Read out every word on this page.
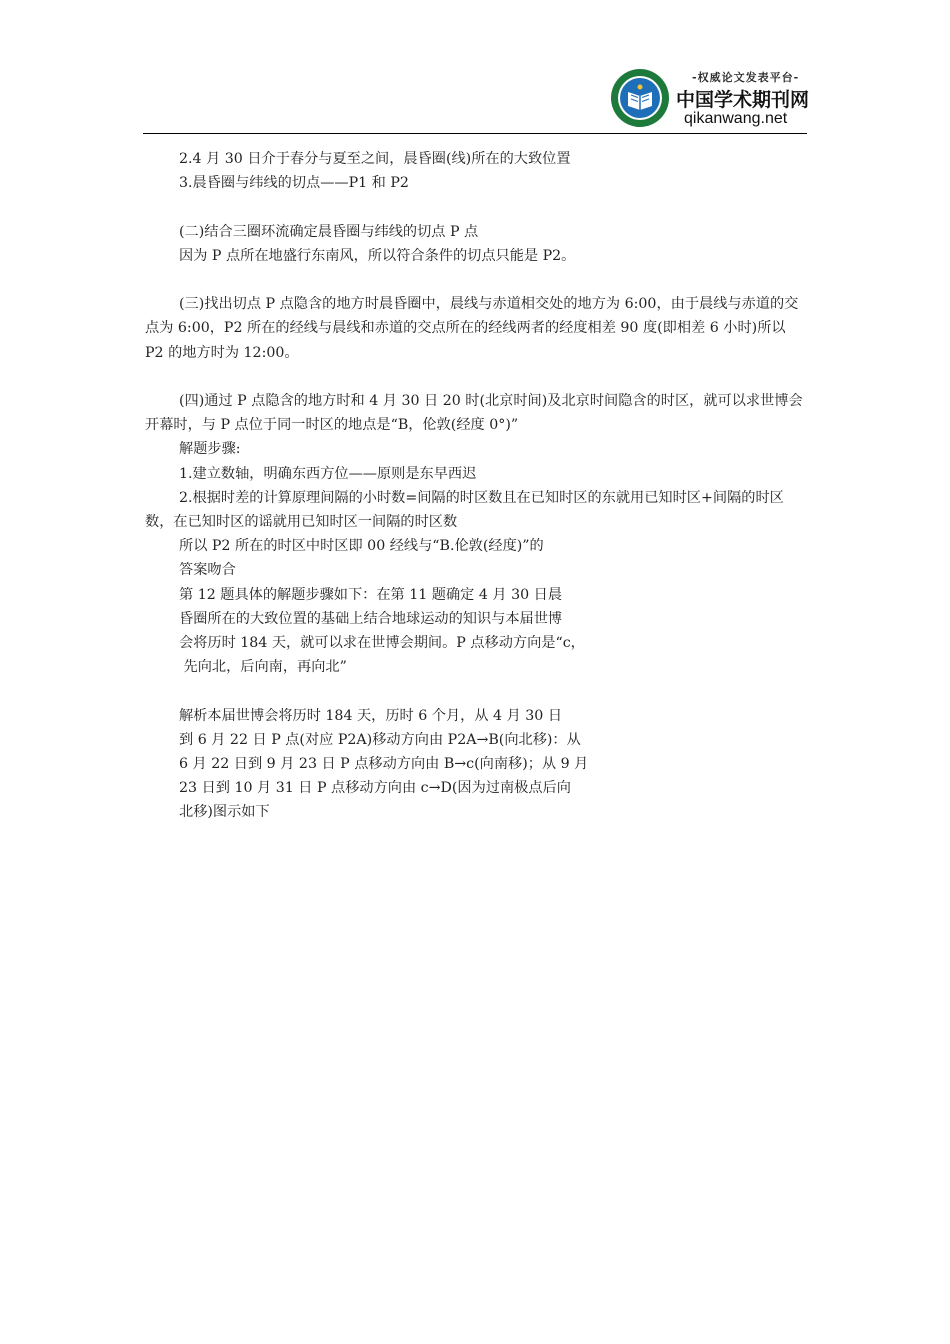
-权威论文发表平台-
中国学术期刊网
qikanwang.net

2.4 月 30 日介于春分与夏至之间，晨昏圈(线)所在的大致位置

3.晨昏圈与纬线的切点——P1 和 P2

(二)结合三圈环流确定晨昏圈与纬线的切点 P 点

因为 P 点所在地盛行东南风，所以符合条件的切点只能是 P2。

(三)找出切点 P 点隐含的地方时晨昏圈中，晨线与赤道相交处的地方为 6:00，由于晨线与赤道的交点为 6:00，P2 所在的经线与晨线和赤道的交点所在的经线两者的经度相差 90 度(即相差 6 小时)所以 P2 的地方时为 12:00。

(四)通过 P 点隐含的地方时和 4 月 30 日 20 时(北京时间)及北京时间隐含的时区，就可以求世博会开幕时，与 P 点位于同一时区的地点是“B，伦敦(经度 0°)”

解题步骤:

1.建立数轴，明确东西方位——原则是东早西迟

2.根据时差的计算原理间隔的小时数=间隔的时区数且在已知时区的东就用已知时区+间隔的时区数，在已知时区的谣就用已知时区一间隔的时区数

所以 P2 所在的时区中时区即 00 经线与“B.伦敦(经度)”的

答案吻合

第 12 题具体的解题步骤如下：在第 11 题确定 4 月 30 日晨

昏圈所在的大致位置的基础上结合地球运动的知识与本届世博

会将历时 184 天，就可以求在世博会期间。P 点移动方向是“c，

先向北，后向南，再向北”

解析本届世博会将历时 184 天，历时 6 个月，从 4 月 30 日

到 6 月 22 日 P 点(对应 P2A)移动方向由 P2A→B(向北移)：从

6 月 22 日到 9 月 23 日 P 点移动方向由 B→c(向南移)；从 9 月

23 日到 10 月 31 日 P 点移动方向由 c→D(因为过南极点后向

北移)图示如下
